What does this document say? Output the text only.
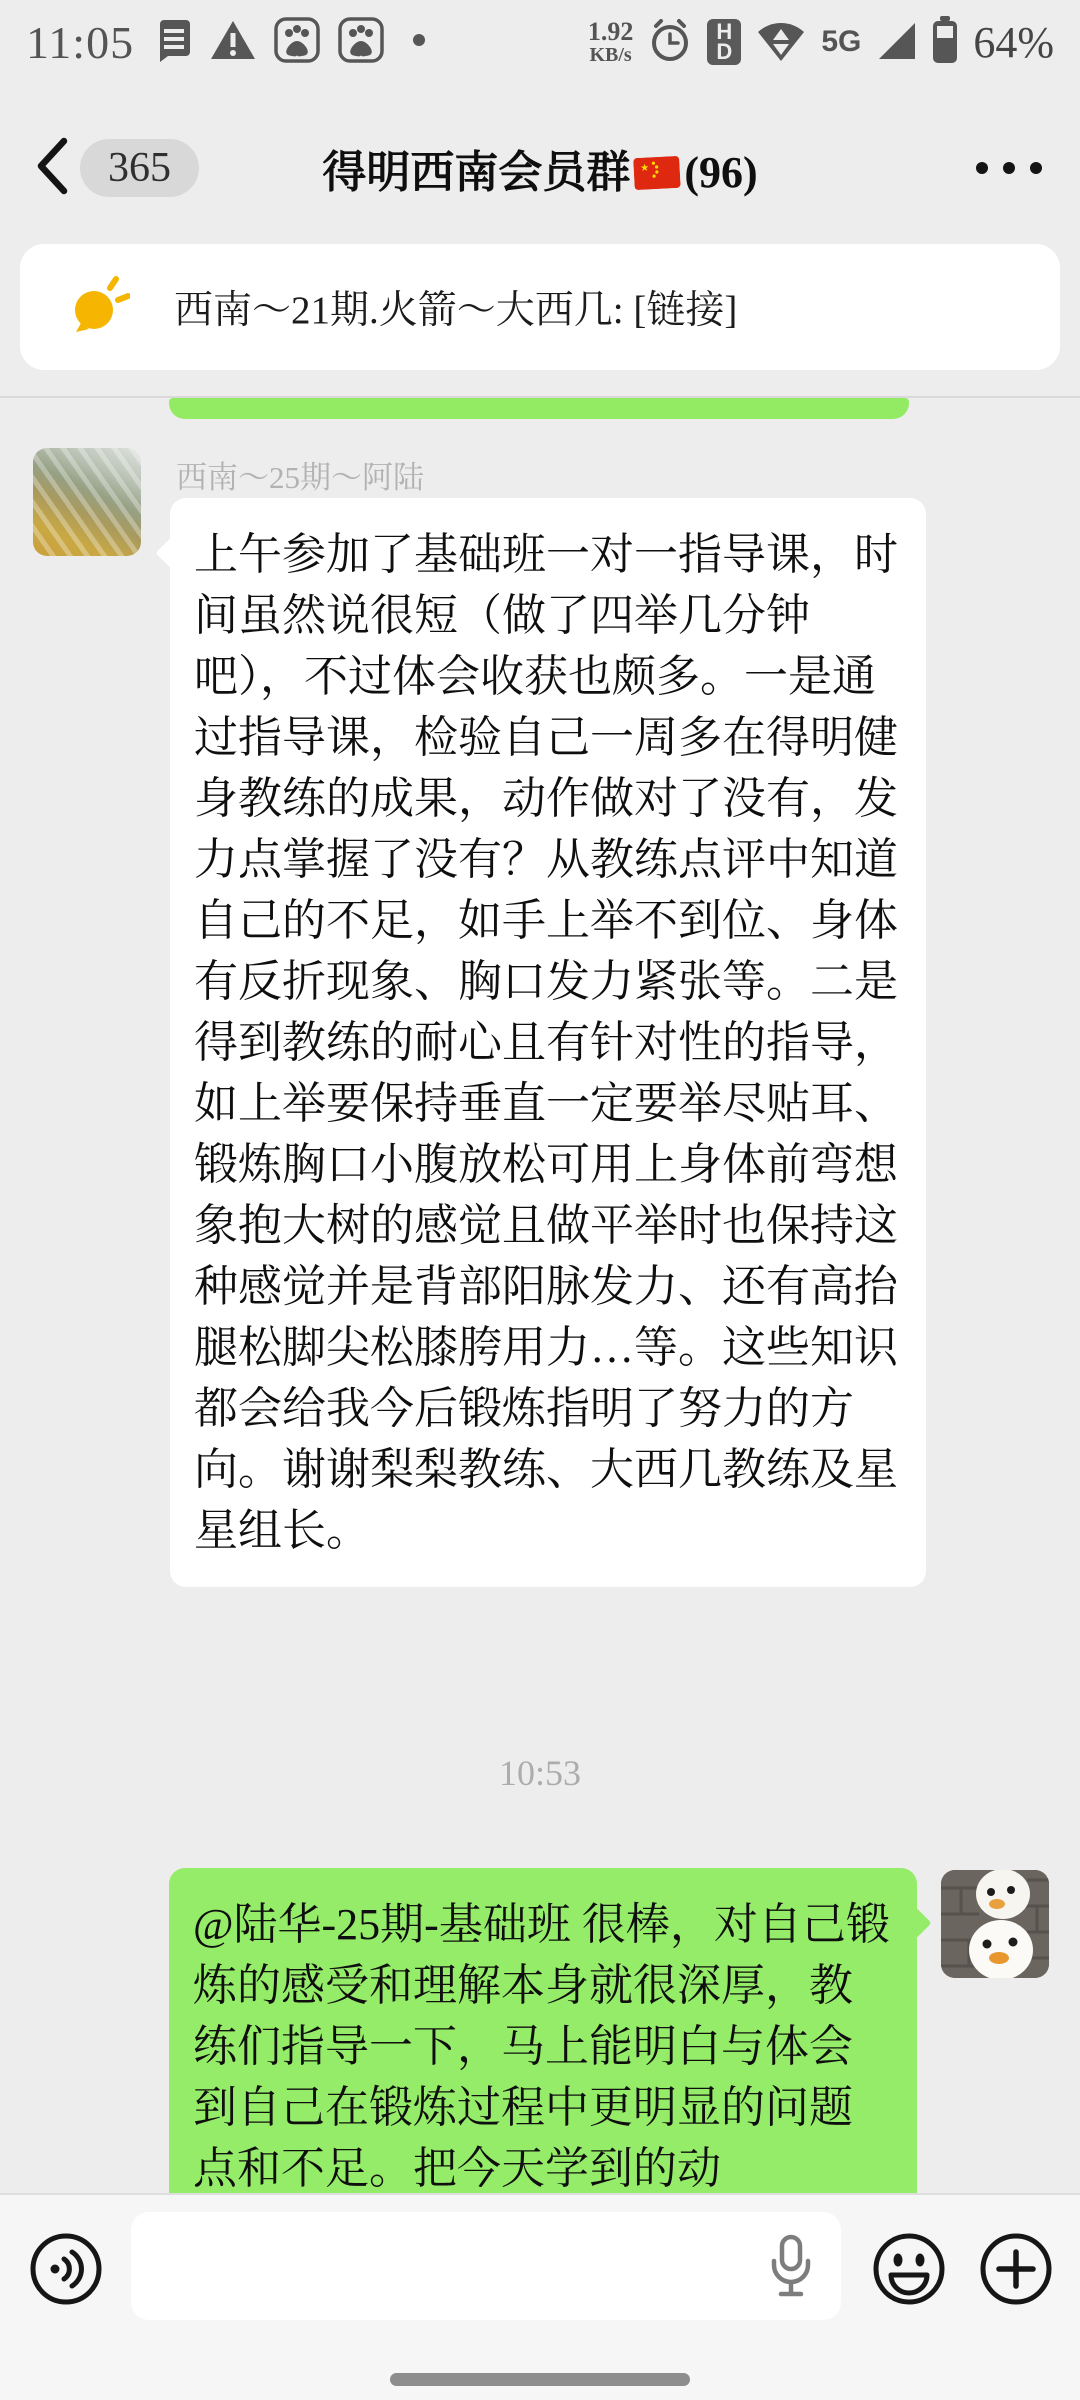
11:05	1.92
KB/s
H
D	5G	64%
365	得明西南会员群 (96)
西南～21期.火箭～大西几: [链接]
西南～25期～阿陆
上午参加了基础班一对一指导课，时间虽然说很短（做了四举几分钟吧），不过体会收获也颇多。一是通过指导课，检验自己一周多在得明健身教练的成果，动作做对了没有，发力点掌握了没有？从教练点评中知道自己的不足，如手上举不到位、身体有反折现象、胸口发力紧张等。二是得到教练的耐心且有针对性的指导，如上举要保持垂直一定要举尽贴耳、锻炼胸口小腹放松可用上身体前弯想象抱大树的感觉且做平举时也保持这种感觉并是背部阳脉发力、还有高抬腿松脚尖松膝胯用力…等。这些知识都会给我今后锻炼指明了努力的方向。谢谢梨梨教练、大西几教练及星星组长。
10:53
@陆华-25期-基础班 很棒，对自己锻炼的感受和理解本身就很深厚，教练们指导一下，马上能明白与体会到自己在锻炼过程中更明显的问题点和不足。把今天学到的动
